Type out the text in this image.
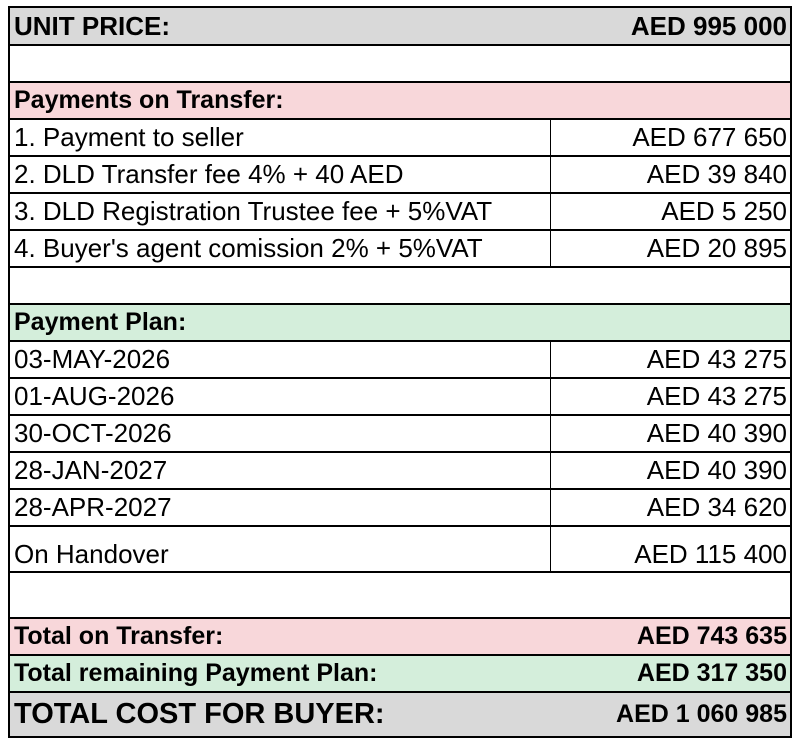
UNIT PRICE:	AED 995 000
Payments on Transfer:
1. Payment to seller	AED 677 650
2. DLD Transfer fee 4% + 40 AED	AED 39 840
3. DLD Registration Trustee fee + 5%VAT	AED 5 250
4. Buyer's agent comission 2% + 5%VAT	AED 20 895
Payment Plan:
03-MAY-2026	AED 43 275
01-AUG-2026	AED 43 275
30-OCT-2026	AED 40 390
28-JAN-2027	AED 40 390
28-APR-2027	AED 34 620
On Handover	AED 115 400
Total on Transfer:	AED 743 635
Total remaining Payment Plan:	AED 317 350
TOTAL COST FOR BUYER:	AED 1 060 985
